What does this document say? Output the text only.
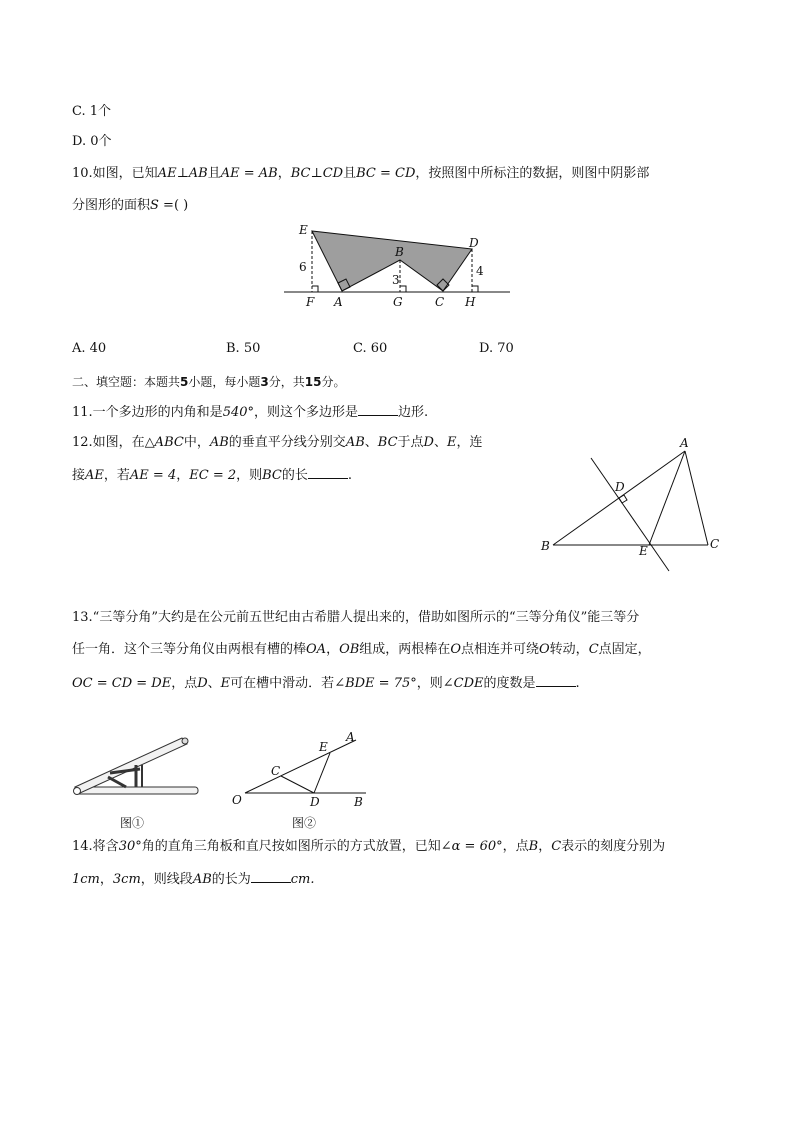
C. 1个
D. 0个
10.如图，已知AE⊥AB且AE = AB，BC⊥CD且BC = CD，按照图中所标注的数据，则图中阴影部
分图形的面积S =( )
E
B
D
F A	G	C H
6
3
4
A. 40	B. 50	C. 60	D. 70
二、填空题：本题共5小题，每小题3分，共15分。
11.一个多边形的内角和是540°，则这个多边形是	边形.
12.如图，在△ABC中，AB的垂直平分线分别交AB、BC于点D、E，连
接AE，若AE = 4，EC = 2，则BC的长	.
A
D
B	E	C
13.“三等分角”大约是在公元前五世纪由古希腊人提出来的，借助如图所示的“三等分角仪”能三等分
任一角．这个三等分角仪由两根有槽的棒OA，OB组成，两根棒在O点相连并可绕O转动，C点固定，
OC = CD = DE，点D、E可在槽中滑动．若∠BDE = 75°，则∠CDE的度数是	.
图①
A
E
C
O	D	B
图②
14.将含30°角的直角三角板和直尺按如图所示的方式放置，已知∠α = 60°，点B，C表示的刻度分别为
1cm，3cm，则线段AB的长为	cm.
